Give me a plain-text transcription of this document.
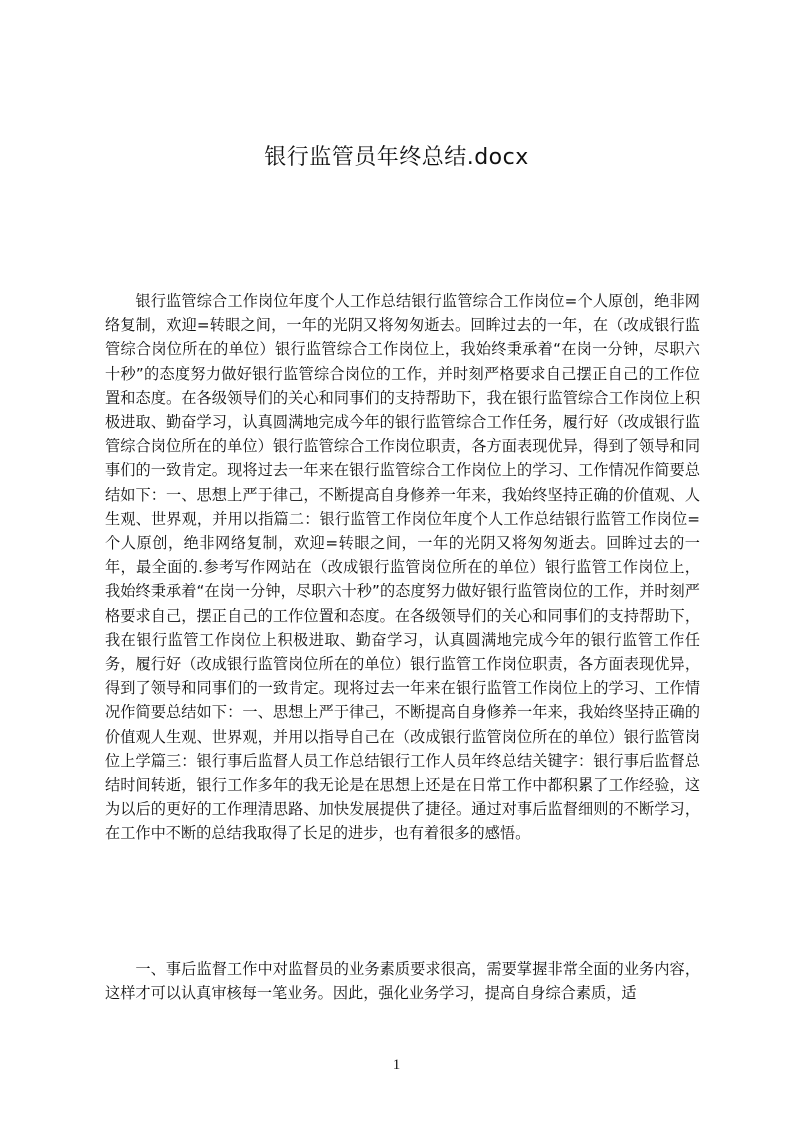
银行监管员年终总结.docx

银行监管综合工作岗位年度个人工作总结银行监管综合工作岗位=个人原创，绝非网络复制，欢迎=转眼之间，一年的光阴又将匆匆逝去。回眸过去的一年，在（改成银行监管综合岗位所在的单位）银行监管综合工作岗位上，我始终秉承着“在岗一分钟，尽职六十秒”的态度努力做好银行监管综合岗位的工作，并时刻严格要求自己摆正自己的工作位置和态度。在各级领导们的关心和同事们的支持帮助下，我在银行监管综合工作岗位上积极进取、勤奋学习，认真圆满地完成今年的银行监管综合工作任务，履行好（改成银行监管综合岗位所在的单位）银行监管综合工作岗位职责，各方面表现优异，得到了领导和同事们的一致肯定。现将过去一年来在银行监管综合工作岗位上的学习、工作情况作简要总结如下：一、思想上严于律己，不断提高自身修养一年来，我始终坚持正确的价值观、人生观、世界观，并用以指篇二：银行监管工作岗位年度个人工作总结银行监管工作岗位=个人原创，绝非网络复制，欢迎=转眼之间，一年的光阴又将匆匆逝去。回眸过去的一年，最全面的.参考写作网站在（改成银行监管岗位所在的单位）银行监管工作岗位上，我始终秉承着“在岗一分钟，尽职六十秒”的态度努力做好银行监管岗位的工作，并时刻严格要求自己，摆正自己的工作位置和态度。在各级领导们的关心和同事们的支持帮助下，我在银行监管工作岗位上积极进取、勤奋学习，认真圆满地完成今年的银行监管工作任务，履行好（改成银行监管岗位所在的单位）银行监管工作岗位职责，各方面表现优异，得到了领导和同事们的一致肯定。现将过去一年来在银行监管工作岗位上的学习、工作情况作简要总结如下：一、思想上严于律己，不断提高自身修养一年来，我始终坚持正确的价值观人生观、世界观，并用以指导自己在（改成银行监管岗位所在的单位）银行监管岗位上学篇三：银行事后监督人员工作总结银行工作人员年终总结关键字：银行事后监督总结时间转逝，银行工作多年的我无论是在思想上还是在日常工作中都积累了工作经验，这为以后的更好的工作理清思路、加快发展提供了捷径。通过对事后监督细则的不断学习，在工作中不断的总结我取得了长足的进步，也有着很多的感悟。

一、事后监督工作中对监督员的业务素质要求很高，需要掌握非常全面的业务内容，这样才可以认真审核每一笔业务。因此，强化业务学习，提高自身综合素质，适

1
